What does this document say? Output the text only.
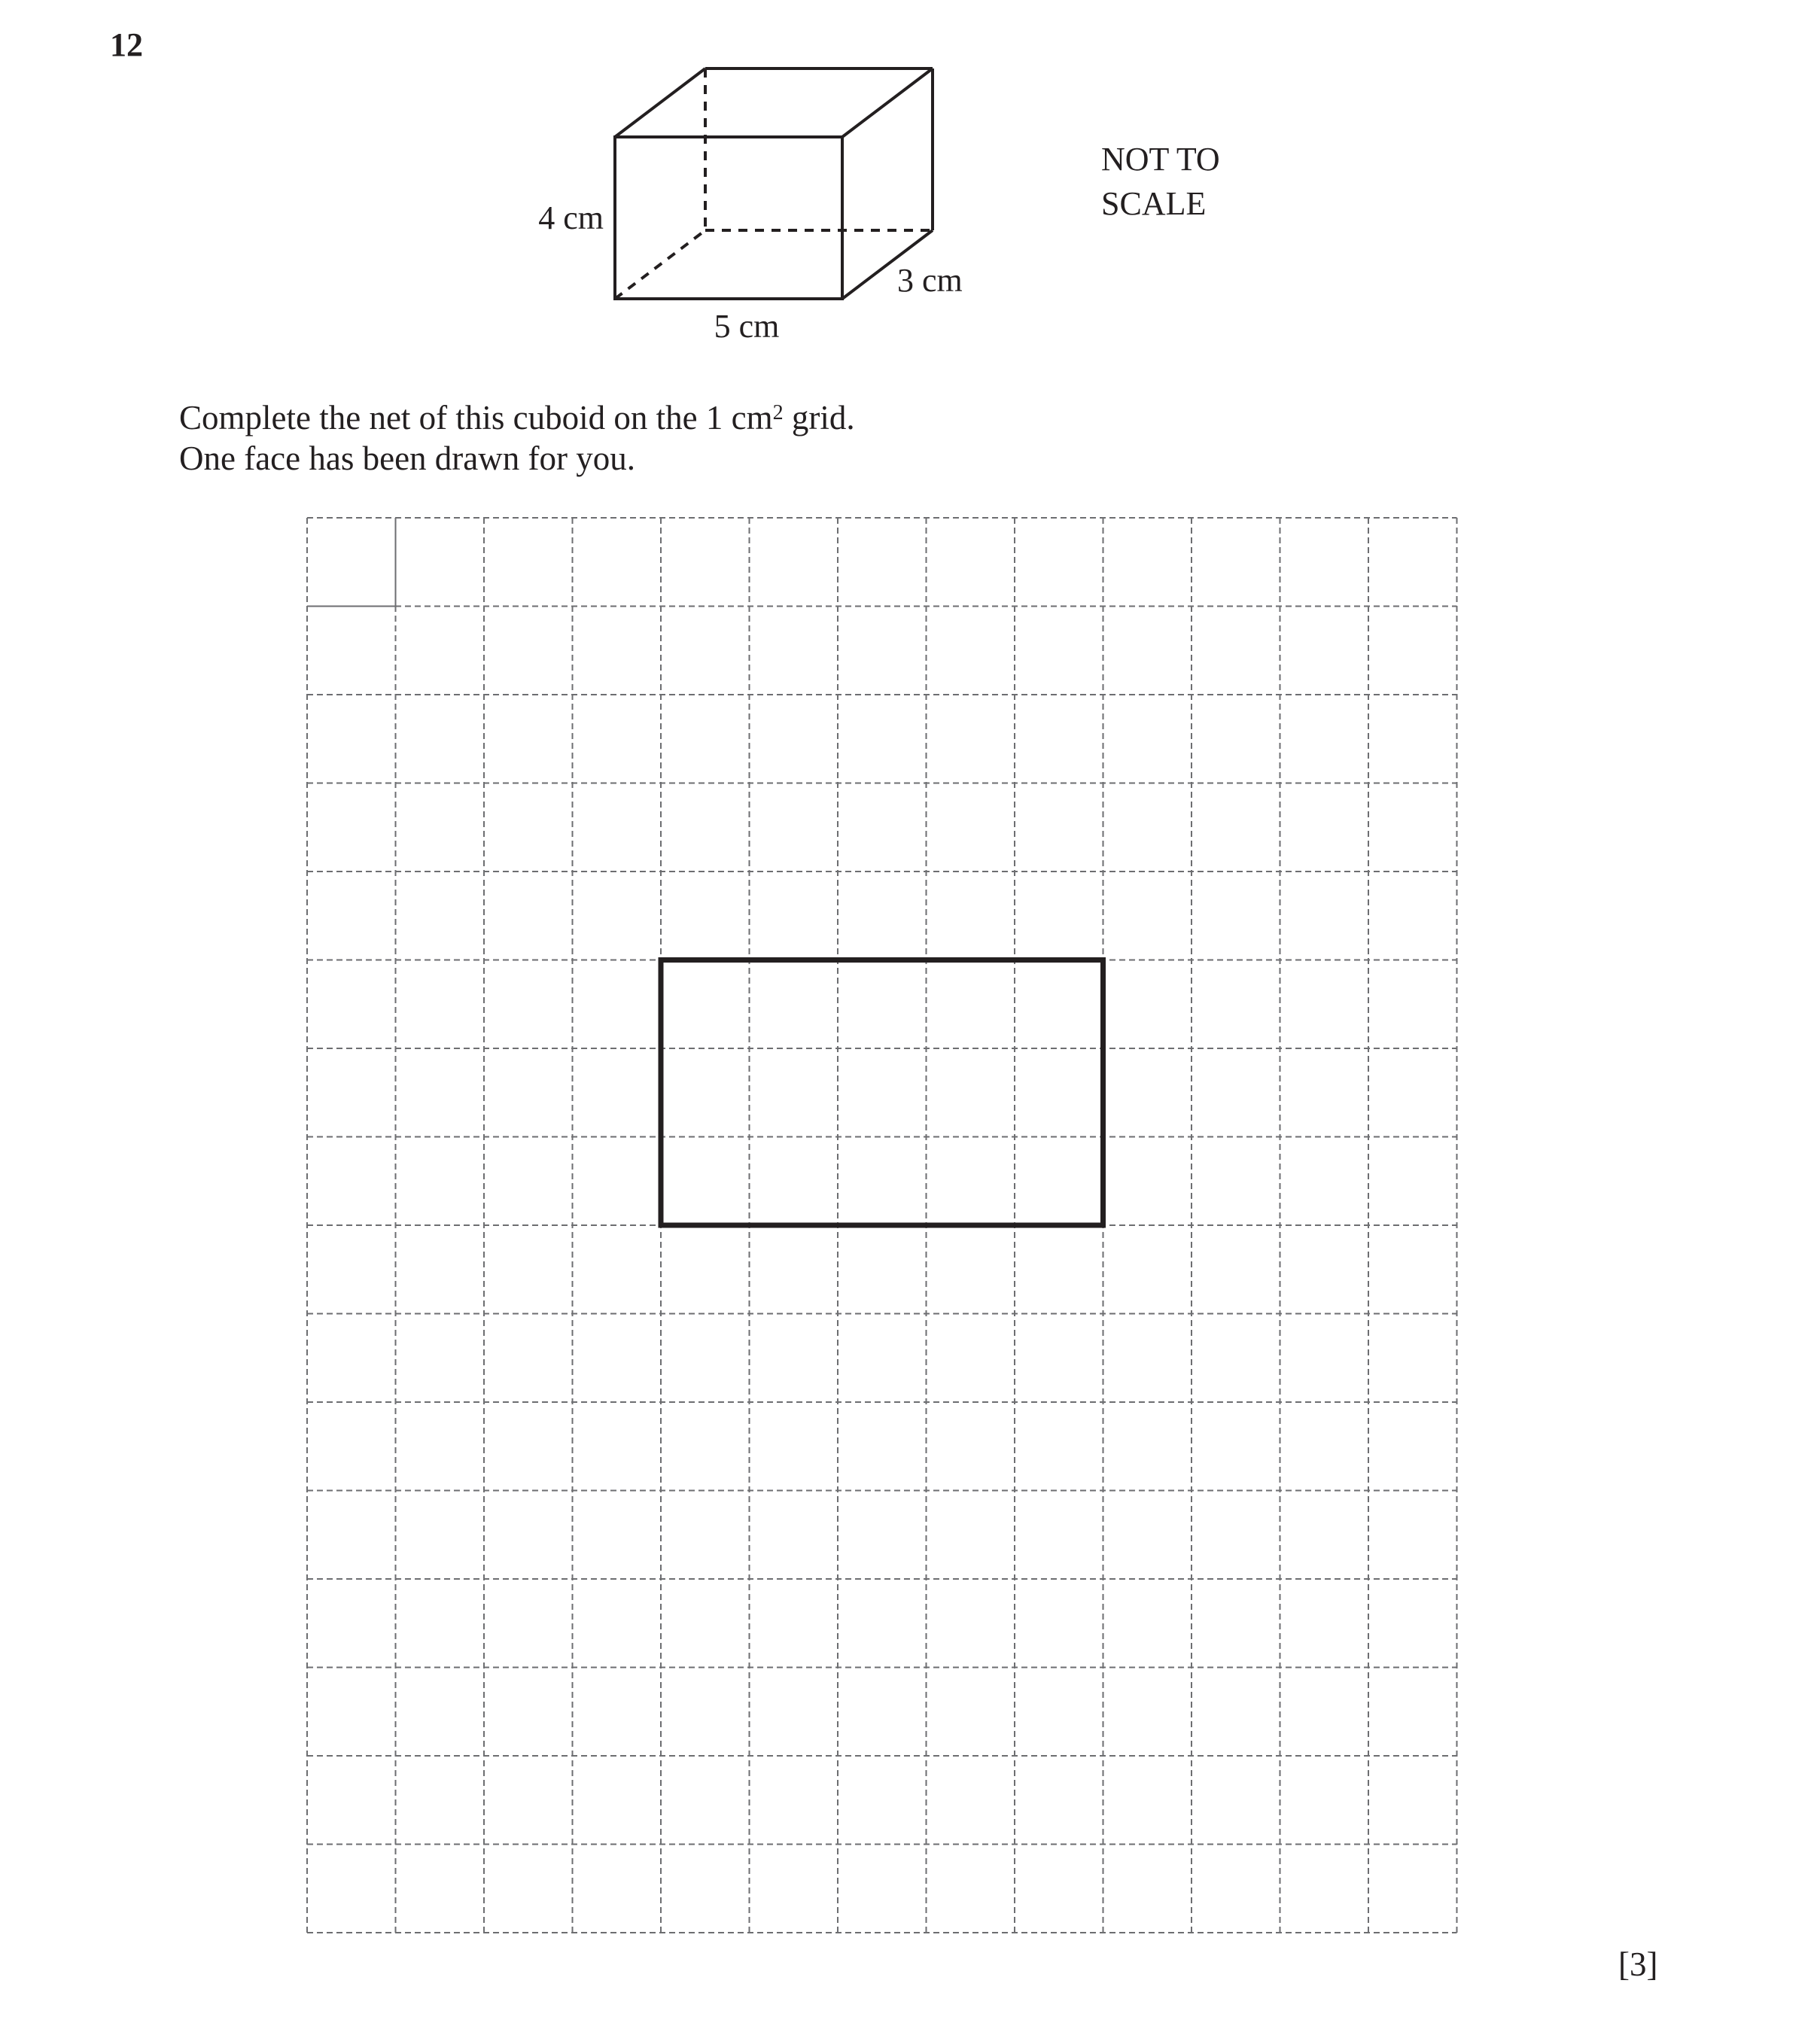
12
4 cm
5 cm
3 cm
NOT TO
SCALE
Complete the net of this cuboid on the 1 $cm^2$ grid.
One face has been drawn for you.
[3]
